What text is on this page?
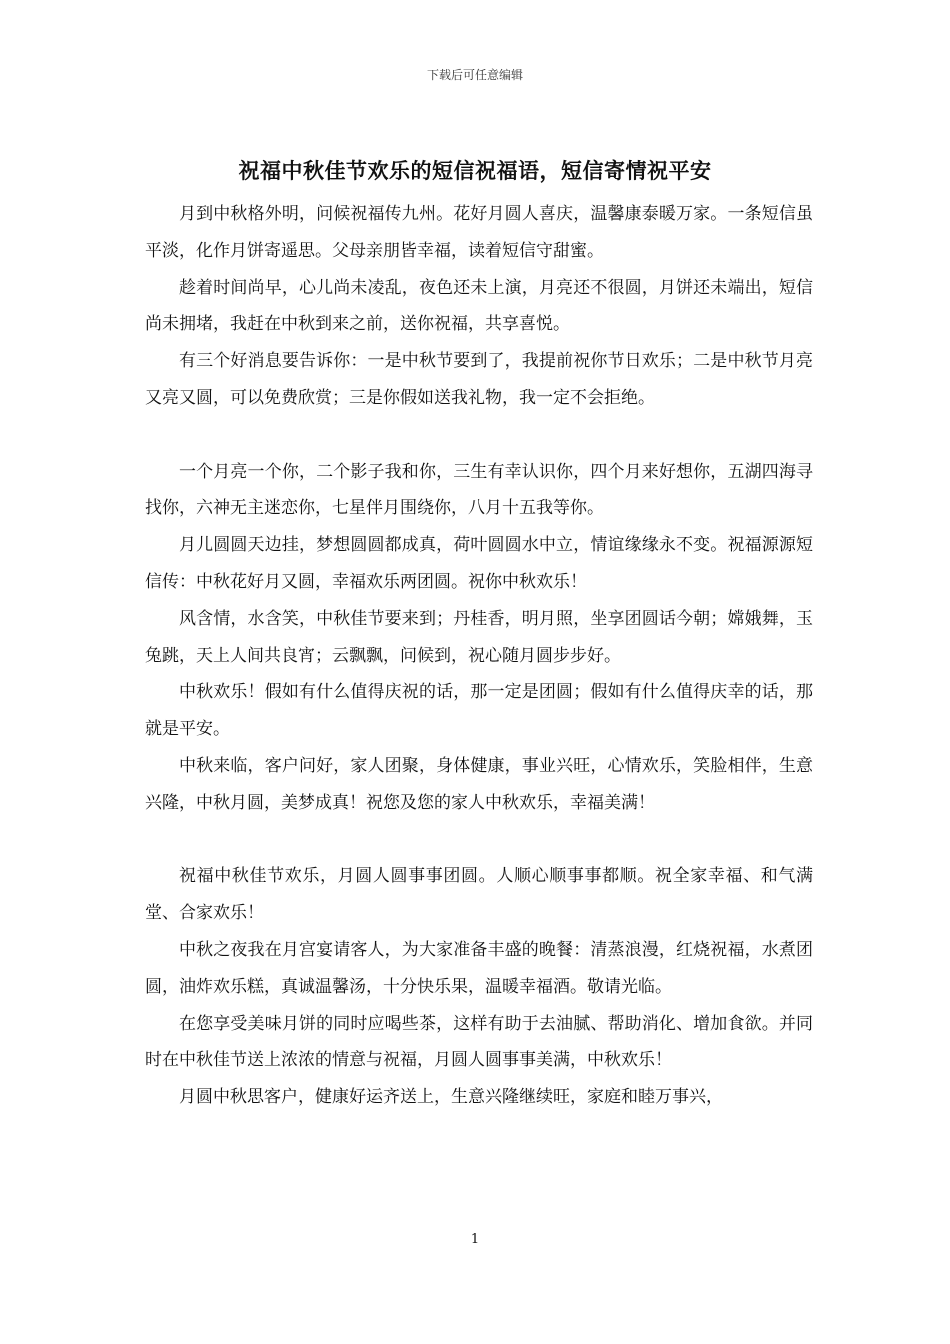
下载后可任意编辑
祝福中秋佳节欢乐的短信祝福语，短信寄情祝平安

月到中秋格外明，问候祝福传九州。花好月圆人喜庆，温馨康泰暖万家。一条短信虽平淡，化作月饼寄遥思。父母亲朋皆幸福，读着短信守甜蜜。

趁着时间尚早，心儿尚未凌乱，夜色还未上演，月亮还不很圆，月饼还未端出，短信尚未拥堵，我赶在中秋到来之前，送你祝福，共享喜悦。

有三个好消息要告诉你：一是中秋节要到了，我提前祝你节日欢乐；二是中秋节月亮又亮又圆，可以免费欣赏；三是你假如送我礼物，我一定不会拒绝。

一个月亮一个你，二个影子我和你，三生有幸认识你，四个月来好想你，五湖四海寻找你，六神无主迷恋你，七星伴月围绕你，八月十五我等你。

月儿圆圆天边挂，梦想圆圆都成真，荷叶圆圆水中立，情谊缘缘永不变。祝福源源短信传：中秋花好月又圆，幸福欢乐两团圆。祝你中秋欢乐！

风含情，水含笑，中秋佳节要来到；丹桂香，明月照，坐享团圆话今朝；嫦娥舞，玉兔跳，天上人间共良宵；云飘飘，问候到，祝心随月圆步步好。

中秋欢乐！假如有什么值得庆祝的话，那一定是团圆；假如有什么值得庆幸的话，那就是平安。

中秋来临，客户问好，家人团聚，身体健康，事业兴旺，心情欢乐，笑脸相伴，生意兴隆，中秋月圆，美梦成真！祝您及您的家人中秋欢乐，幸福美满！

祝福中秋佳节欢乐，月圆人圆事事团圆。人顺心顺事事都顺。祝全家幸福、和气满堂、合家欢乐！

中秋之夜我在月宫宴请客人，为大家准备丰盛的晚餐：清蒸浪漫，红烧祝福，水煮团圆，油炸欢乐糕，真诚温馨汤，十分快乐果，温暖幸福酒。敬请光临。

在您享受美味月饼的同时应喝些茶，这样有助于去油腻、帮助消化、增加食欲。并同时在中秋佳节送上浓浓的情意与祝福，月圆人圆事事美满，中秋欢乐！

月圆中秋思客户，健康好运齐送上，生意兴隆继续旺，家庭和睦万事兴，

1
